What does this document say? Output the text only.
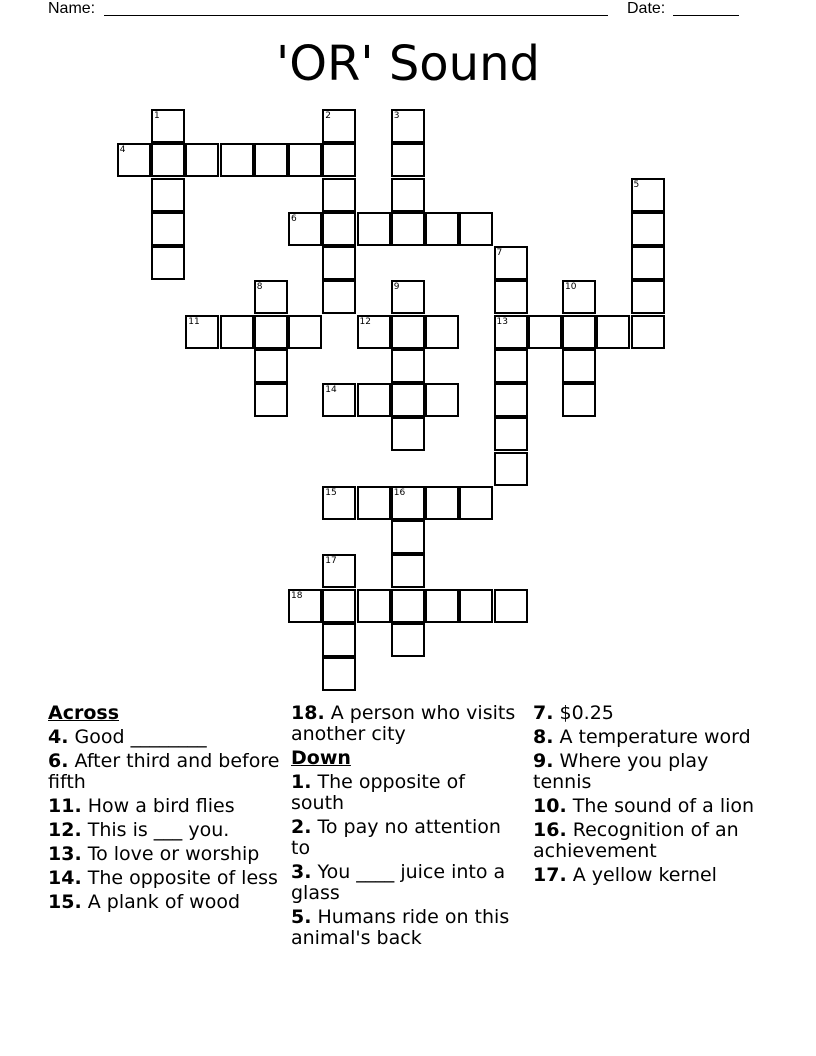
Name:	Date:
'OR' Sound
1	2	3
4
5
6
7
8	9	10
11	12	13
14
15	16
17
18
Across
4. Good ________
6. After third and before fifth
11. How a bird flies
12. This is ___ you.
13. To love or worship
14. The opposite of less
15. A plank of wood
18. A person who visits another city
Down
1. The opposite of south
2. To pay no attention to
3. You ____ juice into a glass
5. Humans ride on this animal's back
7. $0.25
8. A temperature word
9. Where you play tennis
10. The sound of a lion
16. Recognition of an achievement
17. A yellow kernel
